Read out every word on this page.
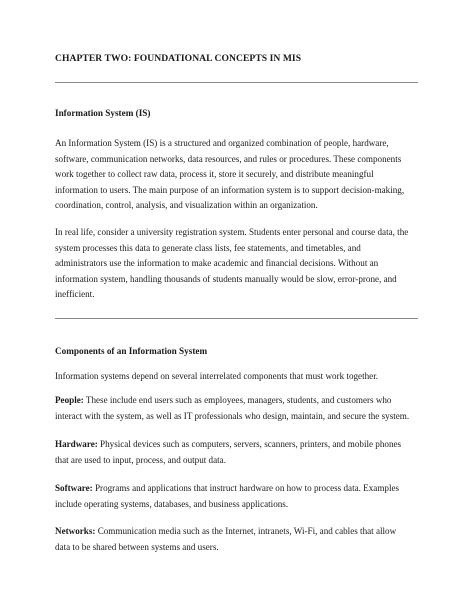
CHAPTER TWO: FOUNDATIONAL CONCEPTS IN MIS
Information System (IS)

An Information System (IS) is a structured and organized combination of people, hardware,
software, communication networks, data resources, and rules or procedures. These components
work together to collect raw data, process it, store it securely, and distribute meaningful
information to users. The main purpose of an information system is to support decision-making,
coordination, control, analysis, and visualization within an organization.

In real life, consider a university registration system. Students enter personal and course data, the
system processes this data to generate class lists, fee statements, and timetables, and
administrators use the information to make academic and financial decisions. Without an
information system, handling thousands of students manually would be slow, error-prone, and
inefficient.

Components of an Information System

Information systems depend on several interrelated components that must work together.

People: These include end users such as employees, managers, students, and customers who
interact with the system, as well as IT professionals who design, maintain, and secure the system.

Hardware: Physical devices such as computers, servers, scanners, printers, and mobile phones
that are used to input, process, and output data.

Software: Programs and applications that instruct hardware on how to process data. Examples
include operating systems, databases, and business applications.

Networks: Communication media such as the Internet, intranets, Wi-Fi, and cables that allow
data to be shared between systems and users.
